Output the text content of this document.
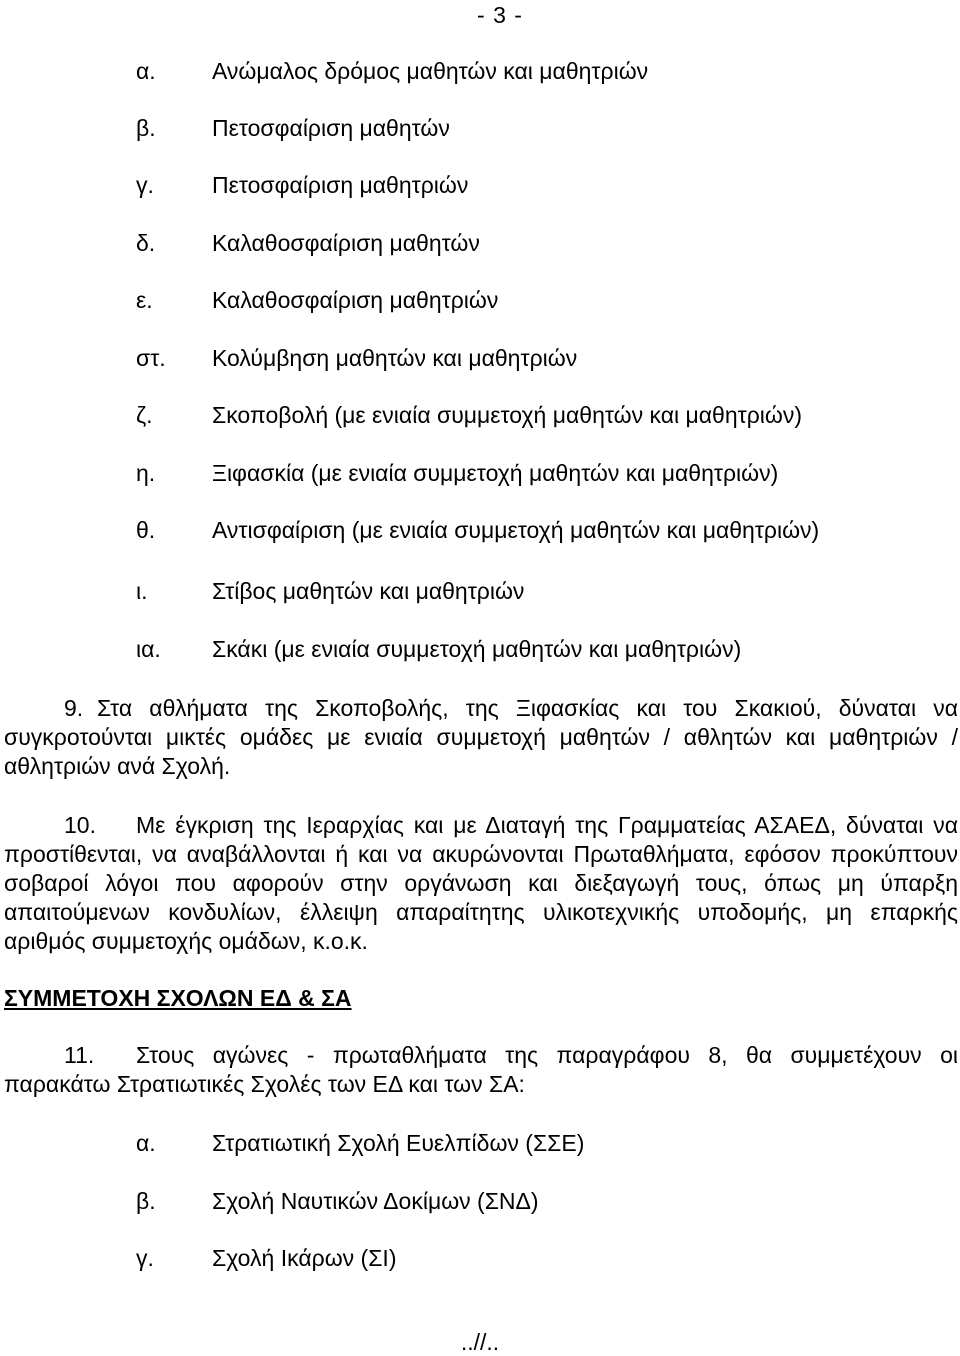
- 3 -
α. Ανώμαλος δρόμος μαθητών και μαθητριών
β. Πετοσφαίριση μαθητών
γ.	Πετοσφαίριση μαθητριών
δ. Καλαθοσφαίριση μαθητών
ε.	Καλαθοσφαίριση μαθητριών
στ. Κολύμβηση μαθητών και μαθητριών
ζ.	Σκοποβολή (με ενιαία συμμετοχή μαθητών και μαθητριών)
η. Ξιφασκία (με ενιαία συμμετοχή μαθητών και μαθητριών)
θ. Αντισφαίριση (με ενιαία συμμετοχή μαθητών και μαθητριών)
ι.	Στίβος μαθητών και μαθητριών
ια. Σκάκι (με ενιαία συμμετοχή μαθητών και μαθητριών)
9. Στα αθλήματα της Σκοποβολής, της Ξιφασκίας και του Σκακιού, δύναται να συγκροτούνται μικτές ομάδες με ενιαία συμμετοχή μαθητών / αθλητών και μαθητριών / αθλητριών ανά Σχολή.
10. Με έγκριση της Ιεραρχίας και με Διαταγή της Γραμματείας ΑΣΑΕΔ, δύναται να προστίθενται, να αναβάλλονται ή και να ακυρώνονται Πρωταθλήματα, εφόσον προκύπτουν σοβαροί λόγοι που αφορούν στην οργάνωση και διεξαγωγή τους, όπως μη ύπαρξη απαιτούμενων κονδυλίων, έλλειψη απαραίτητης υλικοτεχνικής υποδομής, μη επαρκής αριθμός συμμετοχής ομάδων, κ.ο.κ.
ΣΥΜΜΕΤΟΧΗ ΣΧΟΛΩΝ ΕΔ & ΣΑ
11. Στους αγώνες - πρωταθλήματα της παραγράφου 8, θα συμμετέχουν οι παρακάτω Στρατιωτικές Σχολές των ΕΔ και των ΣΑ:
α. Στρατιωτική Σχολή Ευελπίδων (ΣΣΕ)
β. Σχολή Ναυτικών Δοκίμων (ΣΝΔ)
γ.	Σχολή Ικάρων (ΣΙ)
..//..
